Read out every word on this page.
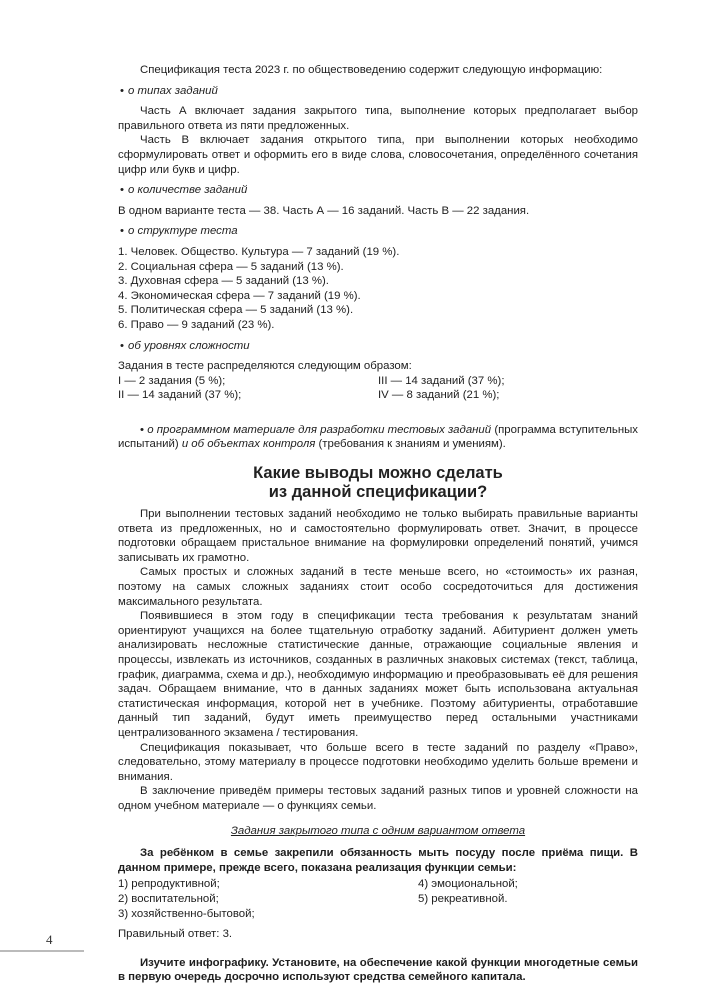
Спецификация теста 2023 г. по обществоведению содержит следующую информацию:

• о типах заданий

Часть А включает задания закрытого типа, выполнение которых предполагает выбор правильного ответа из пяти предложенных.

Часть В включает задания открытого типа, при выполнении которых необходимо сформулировать ответ и оформить его в виде слова, словосочетания, определённого сочетания цифр или букв и цифр.

• о количестве заданий

В одном варианте теста — 38. Часть А — 16 заданий. Часть В — 22 задания.

• о структуре теста

1. Человек. Общество. Культура — 7 заданий (19 %).
2. Социальная сфера — 5 заданий (13 %).
3. Духовная сфера — 5 заданий (13 %).
4. Экономическая сфера — 7 заданий (19 %).
5. Политическая сфера — 5 заданий (13 %).
6. Право — 9 заданий (23 %).

• об уровнях сложности

Задания в тесте распределяются следующим образом:

I — 2 задания (5 %);
II — 14 заданий (37 %);
III — 14 заданий (37 %);
IV — 8 заданий (21 %);

• о программном материале для разработки тестовых заданий (программа вступительных испытаний) и об объектах контроля (требования к знаниям и умениям).

Какие выводы можно сделать
из данной спецификации?

При выполнении тестовых заданий необходимо не только выбирать правильные варианты ответа из предложенных, но и самостоятельно формулировать ответ. Значит, в процессе подготовки обращаем пристальное внимание на формулировки определений понятий, учимся записывать их грамотно.

Самых простых и сложных заданий в тесте меньше всего, но «стоимость» их разная, поэтому на самых сложных заданиях стоит особо сосредоточиться для достижения максимального результата.

Появившиеся в этом году в спецификации теста требования к результатам знаний ориентируют учащихся на более тщательную отработку заданий. Абитуриент должен уметь анализировать несложные статистические данные, отражающие социальные явления и процессы, извлекать из источников, созданных в различных знаковых системах (текст, таблица, график, диаграмма, схема и др.), необходимую информацию и преобразовывать её для решения задач. Обращаем внимание, что в данных заданиях может быть использована актуальная статистическая информация, которой нет в учебнике. Поэтому абитуриенты, отработавшие данный тип заданий, будут иметь преимущество перед остальными участниками централизованного экзамена / тестирования.

Спецификация показывает, что больше всего в тесте заданий по разделу «Право», следовательно, этому материалу в процессе подготовки необходимо уделить больше времени и внимания.

В заключение приведём примеры тестовых заданий разных типов и уровней сложности на одном учебном материале — о функциях семьи.

Задания закрытого типа с одним вариантом ответа

За ребёнком в семье закрепили обязанность мыть посуду после приёма пищи. В данном примере, прежде всего, показана реализация функции семьи:

1) репродуктивной;	4) эмоциональной;
2) воспитательной;	5) рекреативной.
3) хозяйственно-бытовой;

Правильный ответ: 3.

Изучите инфографику. Установите, на обеспечение какой функции многодетные семьи в первую очередь досрочно используют средства семейного капитала.

4
